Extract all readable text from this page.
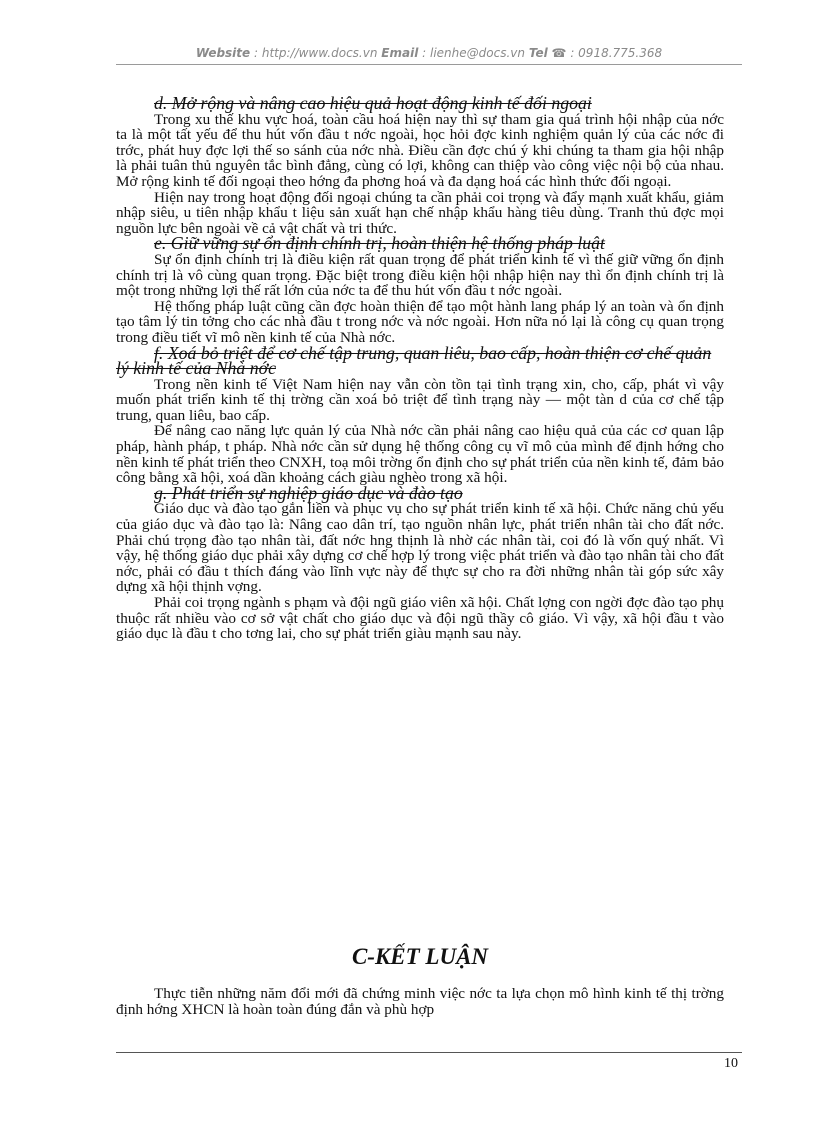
Website : http://www.docs.vn Email : lienhe@docs.vn Tel ☎ : 0918.775.368
d. Mở rộng và nâng cao hiệu quả hoạt động kinh tế đối ngoại

Trong xu thế khu vực hoá, toàn cầu hoá hiện nay thì sự tham gia quá trình hội nhập của nớc ta là một tất yếu để thu hút vốn đầu t nớc ngoài, học hỏi đợc kinh nghiệm quản lý của các nớc đi trớc, phát huy đợc lợi thế so sánh của nớc nhà. Điều cần đợc chú ý khi chúng ta tham gia hội nhập là phải tuân thủ nguyên tắc bình đẳng, cùng có lợi, không can thiệp vào công việc nội bộ của nhau. Mở rộng kinh tế đối ngoại theo hớng đa phơng hoá và đa dạng hoá các hình thức đối ngoại.

Hiện nay trong hoạt động đối ngoại chúng ta cần phải coi trọng và đẩy mạnh xuất khẩu, giảm nhập siêu, u tiên nhập khẩu t liệu sản xuất hạn chế nhập khẩu hàng tiêu dùng. Tranh thủ đợc mọi nguồn lực bên ngoài về cả vật chất và tri thức.

e. Giữ vững sự ổn định chính trị, hoàn thiện hệ thống pháp luật

Sự ổn định chính trị là điều kiện rất quan trọng để phát triển kinh tế vì thế giữ vững ổn định chính trị là vô cùng quan trọng. Đặc biệt trong điều kiện hội nhập hiện nay thì ổn định chính trị là một trong những lợi thế rất lớn của nớc ta để thu hút vốn đầu t nớc ngoài.

Hệ thống pháp luật cũng cần đợc hoàn thiện để tạo một hành lang pháp lý an toàn và ổn định tạo tâm lý tin tởng cho các nhà đầu t trong nớc và nớc ngoài. Hơn nữa nó lại là công cụ quan trọng trong điều tiết vĩ mô nền kinh tế của Nhà nớc.

f. Xoá bỏ triệt để cơ chế tập trung, quan liêu, bao cấp, hoàn thiện cơ chế quản lý kinh tế của Nhà nớc

Trong nền kinh tế Việt Nam hiện nay vẫn còn tồn tại tình trạng xin, cho, cấp, phát vì vậy muốn phát triển kinh tế thị trờng cần xoá bỏ triệt để tình trạng này — một tàn d của cơ chế tập trung, quan liêu, bao cấp.

Để nâng cao năng lực quản lý của Nhà nớc cần phải nâng cao hiệu quả của các cơ quan lập pháp, hành pháp, t pháp. Nhà nớc cần sử dụng hệ thống công cụ vĩ mô của mình để định hớng cho nền kinh tế phát triển theo CNXH, toạ môi trờng ổn định cho sự phát triển của nền kinh tế, đảm bảo công bằng xã hội, xoá dần khoảng cách giàu nghèo trong xã hội.

g. Phát triển sự nghiệp giáo dục và đào tạo

Giáo dục và đào tạo gắn liền và phục vụ cho sự phát triển kinh tế xã hội. Chức năng chủ yếu của giáo dục và đào tạo là: Nâng cao dân trí, tạo nguồn nhân lực, phát triển nhân tài cho đất nớc. Phải chú trọng đào tạo nhân tài, đất nớc hng thịnh là nhờ các nhân tài, coi đó là vốn quý nhất. Vì vậy, hệ thống giáo dục phải xây dựng cơ chế hợp lý trong việc phát triển và đào tạo nhân tài cho đất nớc, phải có đầu t thích đáng vào lĩnh vực này để thực sự cho ra đời những nhân tài góp sức xây dựng xã hội thịnh vợng.

Phải coi trọng ngành s phạm và đội ngũ giáo viên xã hội. Chất lợng con ngời đợc đào tạo phụ thuộc rất nhiều vào cơ sở vật chất cho giáo dục và đội ngũ thầy cô giáo. Vì vậy, xã hội đầu t vào giáo dục là đầu t cho tơng lai, cho sự phát triển giàu mạnh sau này.

C-KẾT LUẬN

Thực tiễn những năm đổi mới đã chứng minh việc nớc ta lựa chọn mô hình kinh tế thị trờng định hớng XHCN là hoàn toàn đúng đắn và phù hợp

10
